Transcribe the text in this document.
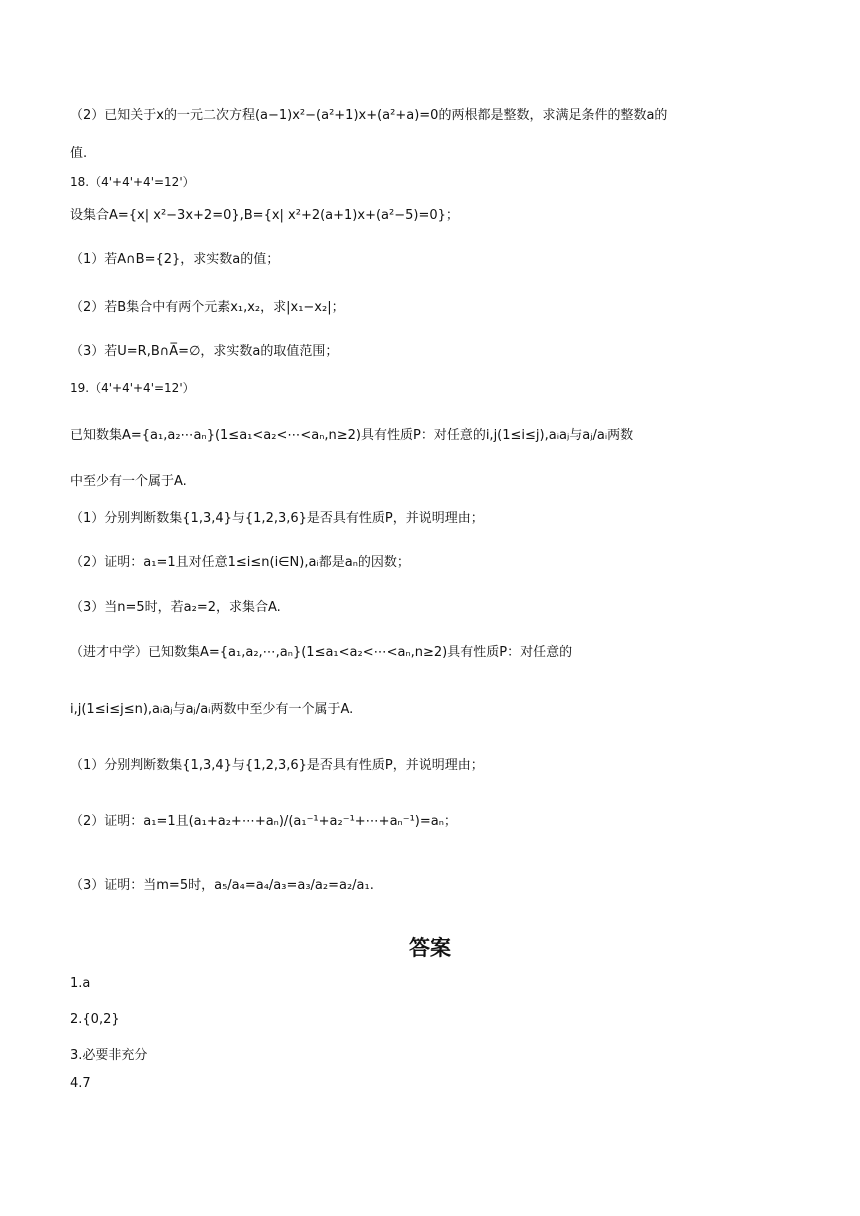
（2）已知关于x的一元二次方程(a−1)x²−(a²+1)x+(a²+a)=0的两根都是整数，求满足条件的整数a的
值.
18.（4'+4'+4'=12'）
设集合A={x| x²−3x+2=0},B={x| x²+2(a+1)x+(a²−5)=0}；
（1）若A∩B={2}，求实数a的值；
（2）若B集合中有两个元素x₁,x₂，求|x₁−x₂|；
（3）若U=R,B∩A̅=∅，求实数a的取值范围；
19.（4'+4'+4'=12'）
已知数集A={a₁,a₂⋯aₙ}(1≤a₁<a₂<⋯<aₙ,n≥2)具有性质P：对任意的i,j(1≤i≤j),aᵢaⱼ与aⱼ/aᵢ两数
中至少有一个属于A.
（1）分别判断数集{1,3,4}与{1,2,3,6}是否具有性质P，并说明理由；
（2）证明：a₁=1且对任意1≤i≤n(i∈N),aᵢ都是aₙ的因数；
（3）当n=5时，若a₂=2，求集合A.
（进才中学）已知数集A={a₁,a₂,⋯,aₙ}(1≤a₁<a₂<⋯<aₙ,n≥2)具有性质P：对任意的
i,j(1≤i≤j≤n),aᵢaⱼ与aⱼ/aᵢ两数中至少有一个属于A.
（1）分别判断数集{1,3,4}与{1,2,3,6}是否具有性质P，并说明理由；
（2）证明：a₁=1且(a₁+a₂+⋯+aₙ)/(a₁⁻¹+a₂⁻¹+⋯+aₙ⁻¹)=aₙ；
（3）证明：当m=5时，a₅/a₄=a₄/a₃=a₃/a₂=a₂/a₁.
答案
1.a
2.{0,2}
3.必要非充分
4.7
